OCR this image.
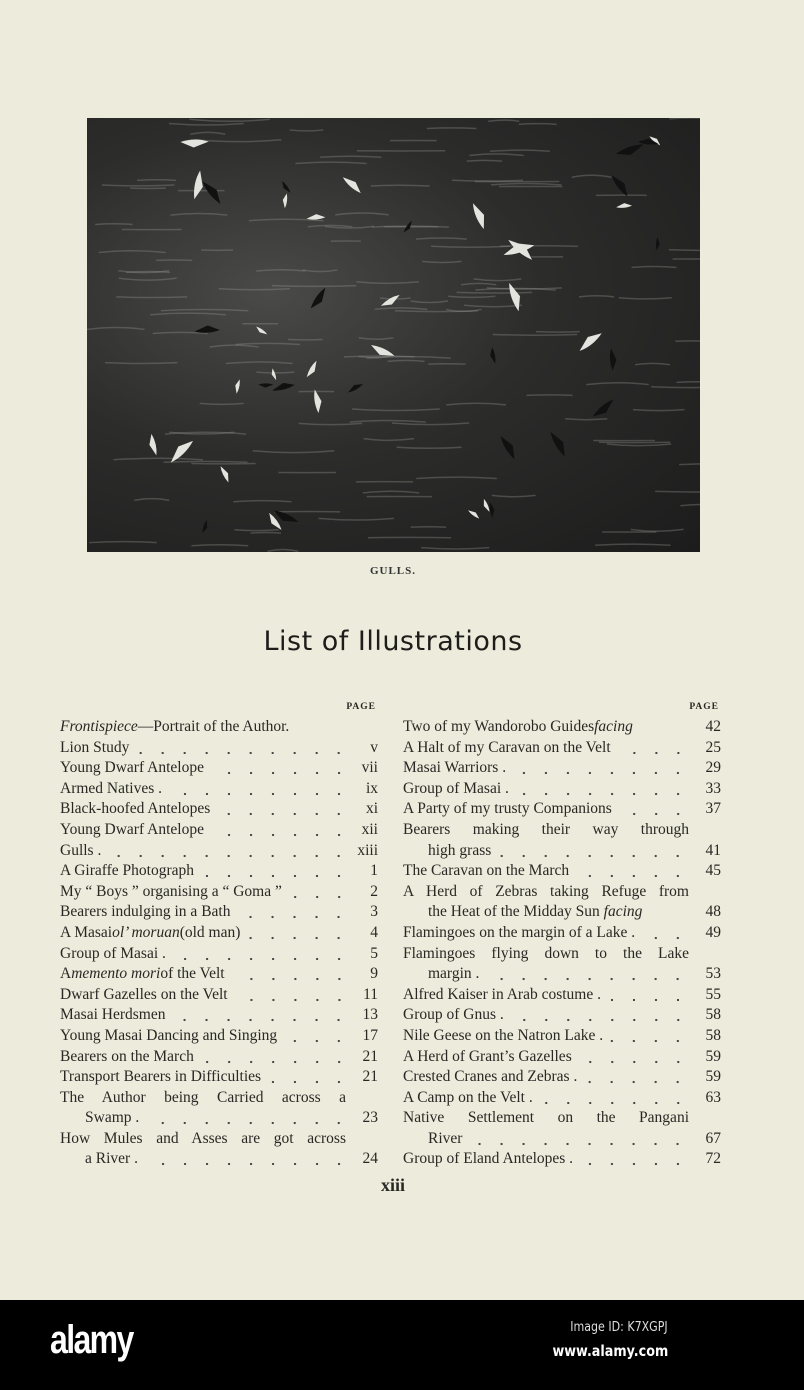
GULLS.
List of Illustrations
PAGE
Frontispiece —Portrait of the Author.
Lion Study	v
Young Dwarf Antelope	vii
Armed Natives .	ix
Black-hoofed Antelopes	xi
Young Dwarf Antelope	xii
Gulls .	xiii
A Giraffe Photograph	1
My “ Boys ” organising a “ Goma ”	2
Bearers indulging in a Bath	3
A Masai ol’ moruan (old man)	4
Group of Masai .	5
A memento mori of the Velt	9
Dwarf Gazelles on the Velt	11
Masai Herdsmen	13
Young Masai Dancing and Singing	17
Bearers on the March	21
Transport Bearers in Difficulties	21
The Author being Carried across a
Swamp .	23
How Mules and Asses are got across
a River .	24
PAGE
Two of my Wandorobo Guides facing	42
A Halt of my Caravan on the Velt	25
Masai Warriors .	29
Group of Masai .	33
A Party of my trusty Companions	37
Bearers making their way through
high grass	41
The Caravan on the March	45
A Herd of Zebras taking Refuge from
the Heat of the Midday Sun
facing	48
Flamingoes on the margin of a Lake .	49
Flamingoes flying down to the Lake
margin .	53
Alfred Kaiser in Arab costume .	55
Group of Gnus .	58
Nile Geese on the Natron Lake .	58
A Herd of Grant’s Gazelles	59
Crested Cranes and Zebras .	59
A Camp on the Velt .	63
Native Settlement on the Pangani
River	67
Group of Eland Antelopes .	72
xiii
alamy	Image ID: K7XGPJ
www.alamy.com
